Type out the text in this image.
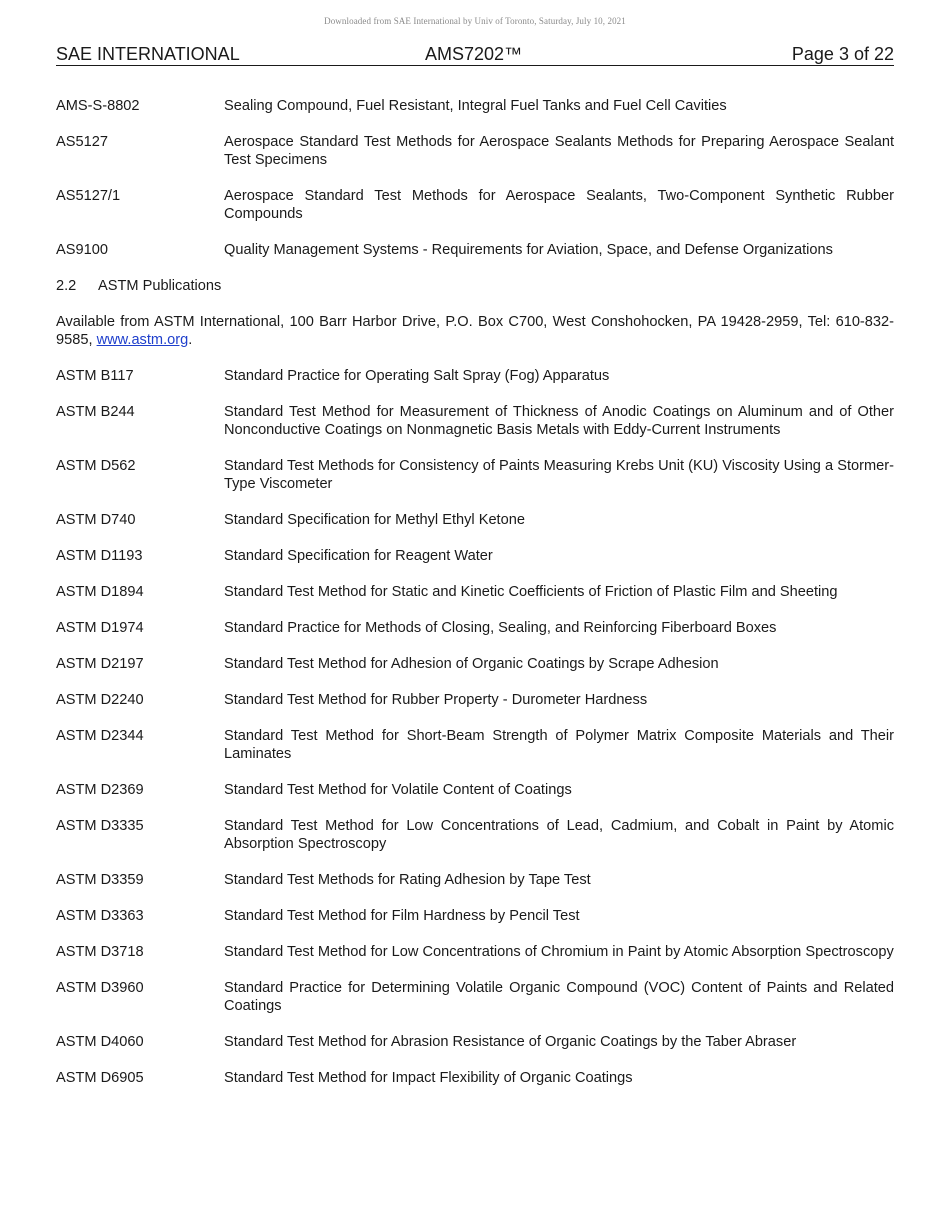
Downloaded from SAE International by Univ of Toronto, Saturday, July 10, 2021
SAE INTERNATIONAL	AMS7202™	Page 3 of 22
AMS-S-8802	Sealing Compound, Fuel Resistant, Integral Fuel Tanks and Fuel Cell Cavities
AS5127	Aerospace Standard Test Methods for Aerospace Sealants Methods for Preparing Aerospace Sealant Test Specimens
AS5127/1	Aerospace Standard Test Methods for Aerospace Sealants, Two-Component Synthetic Rubber Compounds
AS9100	Quality Management Systems - Requirements for Aviation, Space, and Defense Organizations
2.2 ASTM Publications
Available from ASTM International, 100 Barr Harbor Drive, P.O. Box C700, West Conshohocken, PA 19428-2959, Tel: 610-832-9585, www.astm.org.
ASTM B117	Standard Practice for Operating Salt Spray (Fog) Apparatus
ASTM B244	Standard Test Method for Measurement of Thickness of Anodic Coatings on Aluminum and of Other Nonconductive Coatings on Nonmagnetic Basis Metals with Eddy-Current Instruments
ASTM D562	Standard Test Methods for Consistency of Paints Measuring Krebs Unit (KU) Viscosity Using a Stormer-Type Viscometer
ASTM D740	Standard Specification for Methyl Ethyl Ketone
ASTM D1193	Standard Specification for Reagent Water
ASTM D1894	Standard Test Method for Static and Kinetic Coefficients of Friction of Plastic Film and Sheeting
ASTM D1974	Standard Practice for Methods of Closing, Sealing, and Reinforcing Fiberboard Boxes
ASTM D2197	Standard Test Method for Adhesion of Organic Coatings by Scrape Adhesion
ASTM D2240	Standard Test Method for Rubber Property - Durometer Hardness
ASTM D2344	Standard Test Method for Short-Beam Strength of Polymer Matrix Composite Materials and Their Laminates
ASTM D2369	Standard Test Method for Volatile Content of Coatings
ASTM D3335	Standard Test Method for Low Concentrations of Lead, Cadmium, and Cobalt in Paint by Atomic Absorption Spectroscopy
ASTM D3359	Standard Test Methods for Rating Adhesion by Tape Test
ASTM D3363	Standard Test Method for Film Hardness by Pencil Test
ASTM D3718	Standard Test Method for Low Concentrations of Chromium in Paint by Atomic Absorption Spectroscopy
ASTM D3960	Standard Practice for Determining Volatile Organic Compound (VOC) Content of Paints and Related Coatings
ASTM D4060	Standard Test Method for Abrasion Resistance of Organic Coatings by the Taber Abraser
ASTM D6905	Standard Test Method for Impact Flexibility of Organic Coatings
